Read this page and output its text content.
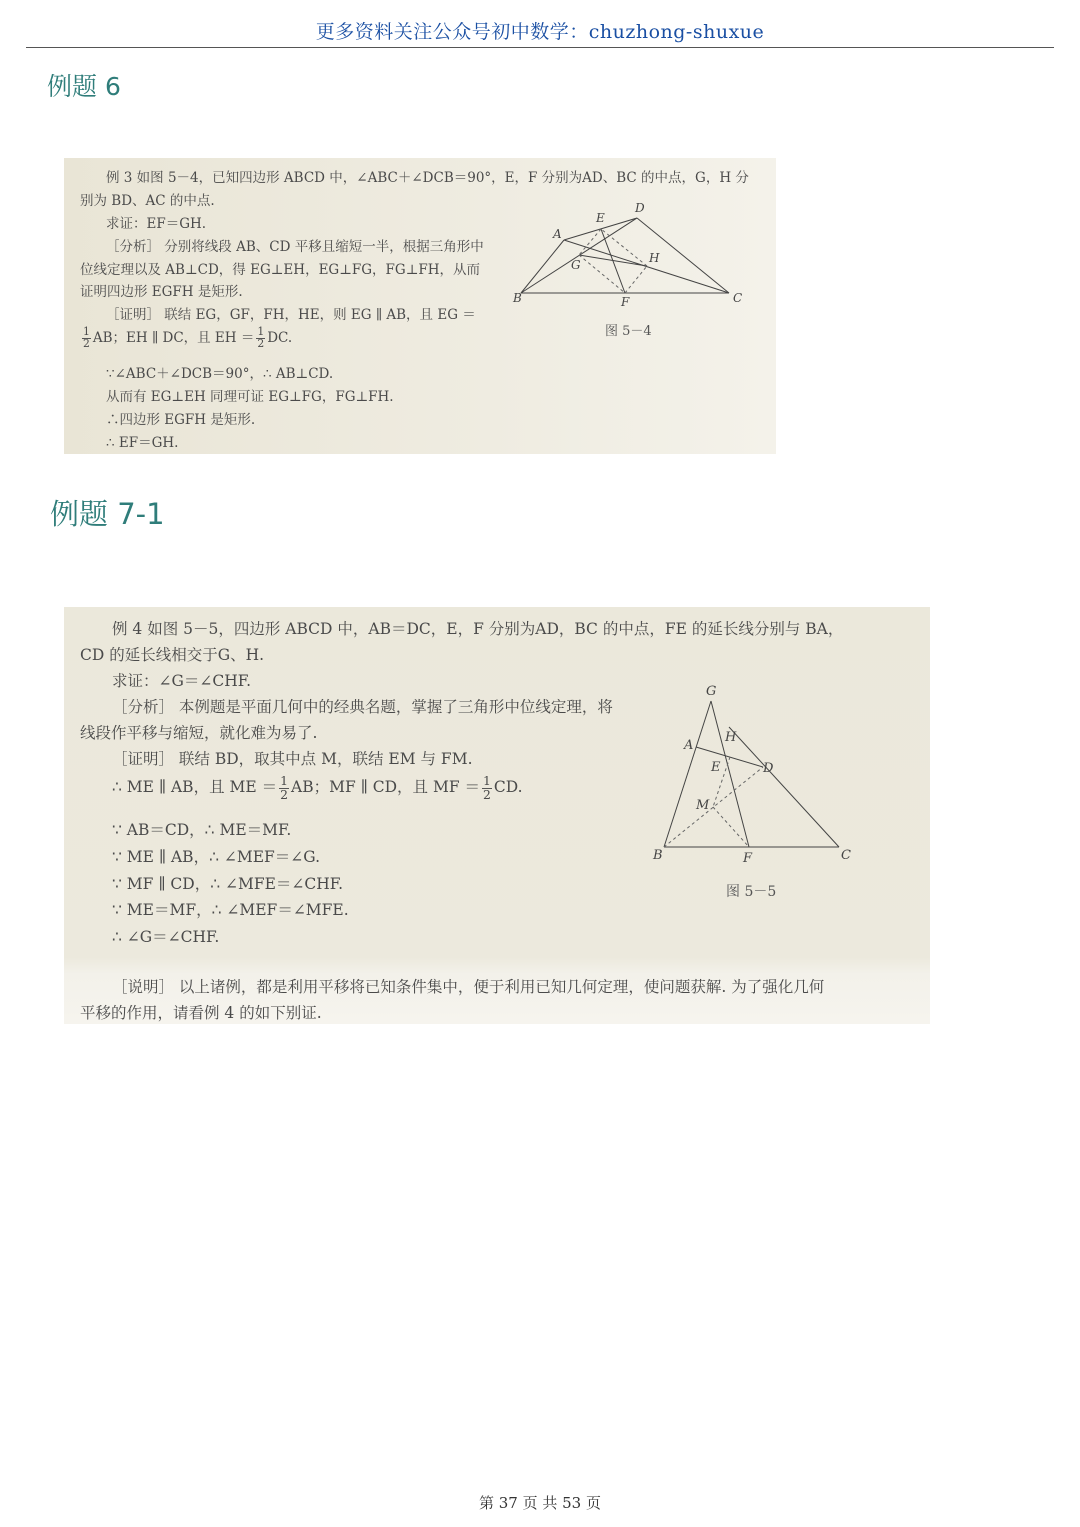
更多资料关注公众号初中数学：chuzhong-shuxue
例题 6
例 3 如图 5－4，已知四边形 ABCD 中，∠ABC＋∠DCB＝90°，E，F 分别为AD、BC 的中点，G，H 分
别为 BD、AC 的中点.
求证：EF＝GH.
［分析］ 分别将线段 AB、CD 平移且缩短一半，根据三角形中
位线定理以及 AB⊥CD，得 EG⊥EH，EG⊥FG，FG⊥FH，从而
证明四边形 EGFH 是矩形.
［证明］ 联结 EG，GF，FH，HE，则 EG ∥ AB，且 EG ＝
$\frac{1}{2}$ AB；EH ∥ DC，且 EH ＝ $\frac{1}{2}$ DC.
∵∠ABC＋∠DCB＝90°，∴ AB⊥CD.
从而有 EG⊥EH 同理可证 EG⊥FG，FG⊥FH.
∴四边形 EGFH 是矩形.
∴ EF＝GH.
A
B	C
D
E
F
G	H
图 5－4
例题 7-1
例 4 如图 5－5，四边形 ABCD 中，AB＝DC，E，F 分别为AD，BC 的中点，FE 的延长线分别与 BA，
CD 的延长线相交于G、H.
求证：∠G＝∠CHF.
［分析］ 本例题是平面几何中的经典名题，掌握了三角形中位线定理，将
线段作平移与缩短，就化难为易了.
［证明］ 联结 BD，取其中点 M，联结 EM 与 FM.
∴ ME ∥ AB，且 ME ＝ $\frac{1}{2}$ AB；MF ∥ CD，且 MF ＝ $\frac{1}{2}$ CD.
∵ AB＝CD，∴ ME＝MF.
∵ ME ∥ AB，∴ ∠MEF＝∠G.
∵ MF ∥ CD，∴ ∠MFE＝∠CHF.
∵ ME＝MF，∴ ∠MEF＝∠MFE.
∴ ∠G＝∠CHF.
G
H
A
E	D
M
B	F	C
图 5－5
［说明］ 以上诸例，都是利用平移将已知条件集中，便于利用已知几何定理，使问题获解. 为了强化几何
平移的作用，请看例 4 的如下别证.
第 37 页 共 53 页
